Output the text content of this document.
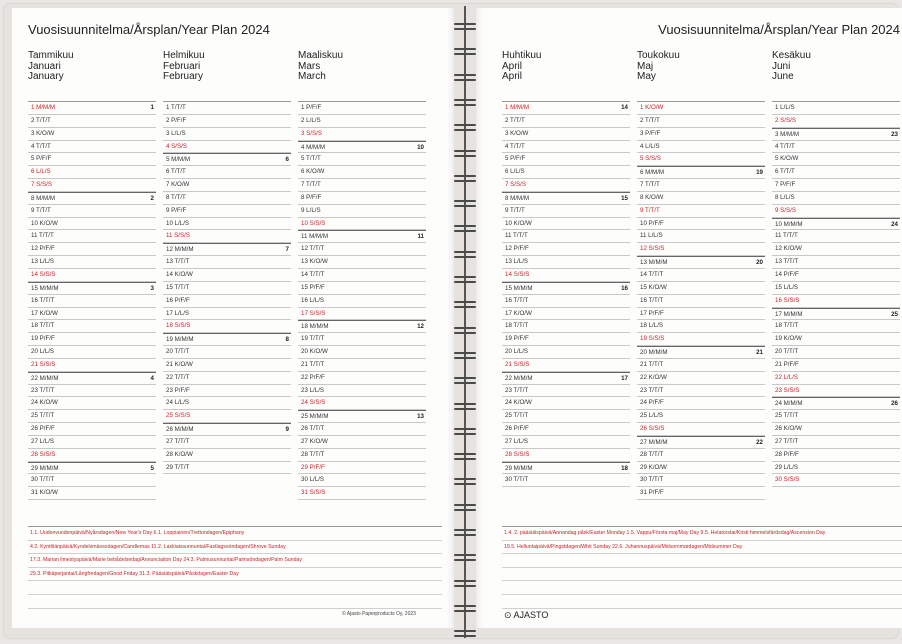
Vuosisuunnitelma/Årsplan/Year Plan 2024
Tammikuu
Januari
January
1 M/M/M	1
2 T/T/T
3 K/O/W
4 T/T/T
5 P/F/F
6 L/L/S
7 S/S/S
8 M/M/M	2
9 T/T/T
10 K/O/W
11 T/T/T
12 P/F/F
13 L/L/S
14 S/S/S
15 M/M/M	3
16 T/T/T
17 K/O/W
18 T/T/T
19 P/F/F
20 L/L/S
21 S/S/S
22 M/M/M	4
23 T/T/T
24 K/O/W
25 T/T/T
26 P/F/F
27 L/L/S
28 S/S/S
29 M/M/M	5
30 T/T/T
31 K/O/W
Helmikuu
Februari
February
1 T/T/T
2 P/F/F
3 L/L/S
4 S/S/S
5 M/M/M	6
6 T/T/T
7 K/O/W
8 T/T/T
9 P/F/F
10 L/L/S
11 S/S/S
12 M/M/M	7
13 T/T/T
14 K/O/W
15 T/T/T
16 P/F/F
17 L/L/S
18 S/S/S
19 M/M/M	8
20 T/T/T
21 K/O/W
22 T/T/T
23 P/F/F
24 L/L/S
25 S/S/S
26 M/M/M	9
27 T/T/T
28 K/O/W
29 T/T/T
Maaliskuu
Mars
March
1 P/F/F
2 L/L/S
3 S/S/S
4 M/M/M	10
5 T/T/T
6 K/O/W
7 T/T/T
8 P/F/F
9 L/L/S
10 S/S/S
11 M/M/M	11
12 T/T/T
13 K/O/W
14 T/T/T
15 P/F/F
16 L/L/S
17 S/S/S
18 M/M/M	12
19 T/T/T
20 K/O/W
21 T/T/T
22 P/F/F
23 L/L/S
24 S/S/S
25 M/M/M	13
26 T/T/T
27 K/O/W
28 T/T/T
29 P/F/F
30 L/L/S
31 S/S/S
1.1. Uudenvuodenpäivä/Nyårsdagen/New Year's Day 6.1. Loppiainen/Trettondagen/Epiphany
4.2. Kynttilänpäivä/Kyndelsmässodagen/Candlemas 11.2. Laskiaissunnuntai/Fastlagssöndagen/Shrove Sunday
17.3. Marian ilmestyspäivä/Marie bebådelsedag/Annunciation Day 24.3. Palmusunnuntai/Palmsöndagen/Palm Sunday
29.3. Pitkäperjantai/Långfredagen/Good Friday 31.3. Pääsiäispäivä/Påskdagen/Easter Day
© Ajasto Paperproducts Oy, 2023
Vuosisuunnitelma/Årsplan/Year Plan 2024
Huhtikuu
April
April
1 M/M/M	14
2 T/T/T
3 K/O/W
4 T/T/T
5 P/F/F
6 L/L/S
7 S/S/S
8 M/M/M	15
9 T/T/T
10 K/O/W
11 T/T/T
12 P/F/F
13 L/L/S
14 S/S/S
15 M/M/M	16
16 T/T/T
17 K/O/W
18 T/T/T
19 P/F/F
20 L/L/S
21 S/S/S
22 M/M/M	17
23 T/T/T
24 K/O/W
25 T/T/T
26 P/F/F
27 L/L/S
28 S/S/S
29 M/M/M	18
30 T/T/T
Toukokuu
Maj
May
1 K/O/W
2 T/T/T
3 P/F/F
4 L/L/S
5 S/S/S
6 M/M/M	19
7 T/T/T
8 K/O/W
9 T/T/T
10 P/F/F
11 L/L/S
12 S/S/S
13 M/M/M	20
14 T/T/T
15 K/O/W
16 T/T/T
17 P/F/F
18 L/L/S
19 S/S/S
20 M/M/M	21
21 T/T/T
22 K/O/W
23 T/T/T
24 P/F/F
25 L/L/S
26 S/S/S
27 M/M/M	22
28 T/T/T
29 K/O/W
30 T/T/T
31 P/F/F
Kesäkuu
Juni
June
1 L/L/S
2 S/S/S
3 M/M/M	23
4 T/T/T
5 K/O/W
6 T/T/T
7 P/F/F
8 L/L/S
9 S/S/S
10 M/M/M	24
11 T/T/T
12 K/O/W
13 T/T/T
14 P/F/F
15 L/L/S
16 S/S/S
17 M/M/M	25
18 T/T/T
19 K/O/W
20 T/T/T
21 P/F/F
22 L/L/S
23 S/S/S
24 M/M/M	26
25 T/T/T
26 K/O/W
27 T/T/T
28 P/F/F
29 L/L/S
30 S/S/S
1.4. 2. pääsiäispäivä/Annandag påsk/Easter Monday 1.5. Vappu/Första maj/May Day 9.5. Helatorstai/Kristi himmelsfärdsdag/Ascension Day
19.5. Helluntaipäivä/Pingstdagen/Whit Sunday 22.6. Juhannuspäivä/Midsommardagen/Midsummer Day
⊙ AJASTO
